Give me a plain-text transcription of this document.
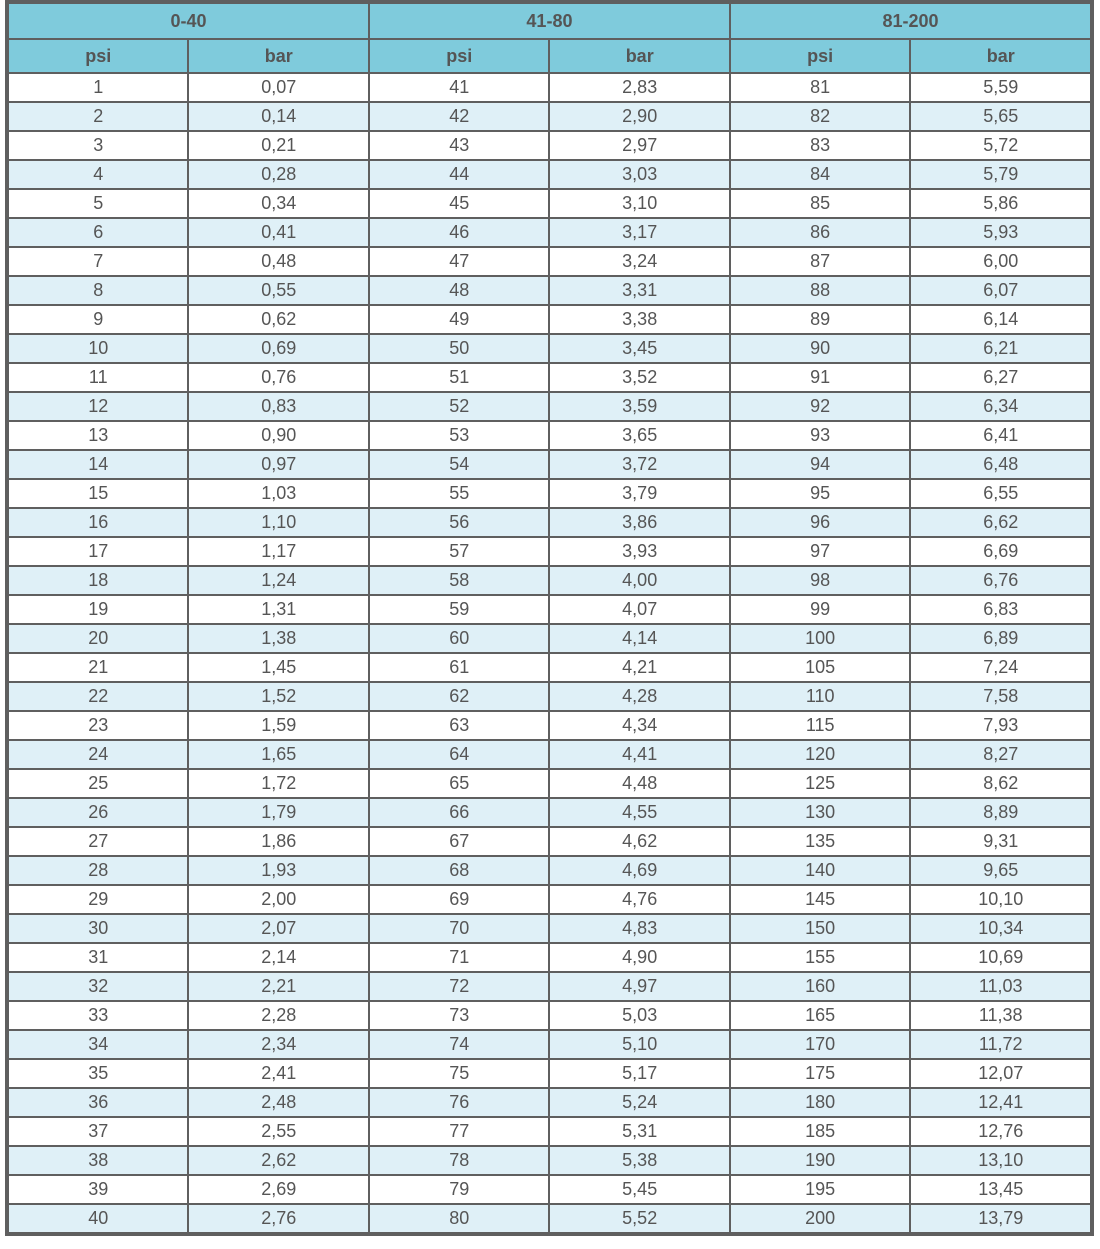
0-40		41-80		81-200	
psi	bar	psi	bar	psi	bar
1	0,07	41	2,83	81	5,59
2	0,14	42	2,90	82	5,65
3	0,21	43	2,97	83	5,72
4	0,28	44	3,03	84	5,79
5	0,34	45	3,10	85	5,86
6	0,41	46	3,17	86	5,93
7	0,48	47	3,24	87	6,00
8	0,55	48	3,31	88	6,07
9	0,62	49	3,38	89	6,14
10	0,69	50	3,45	90	6,21
11	0,76	51	3,52	91	6,27
12	0,83	52	3,59	92	6,34
13	0,90	53	3,65	93	6,41
14	0,97	54	3,72	94	6,48
15	1,03	55	3,79	95	6,55
16	1,10	56	3,86	96	6,62
17	1,17	57	3,93	97	6,69
18	1,24	58	4,00	98	6,76
19	1,31	59	4,07	99	6,83
20	1,38	60	4,14	100	6,89
21	1,45	61	4,21	105	7,24
22	1,52	62	4,28	110	7,58
23	1,59	63	4,34	115	7,93
24	1,65	64	4,41	120	8,27
25	1,72	65	4,48	125	8,62
26	1,79	66	4,55	130	8,89
27	1,86	67	4,62	135	9,31
28	1,93	68	4,69	140	9,65
29	2,00	69	4,76	145	10,10
30	2,07	70	4,83	150	10,34
31	2,14	71	4,90	155	10,69
32	2,21	72	4,97	160	11,03
33	2,28	73	5,03	165	11,38
34	2,34	74	5,10	170	11,72
35	2,41	75	5,17	175	12,07
36	2,48	76	5,24	180	12,41
37	2,55	77	5,31	185	12,76
38	2,62	78	5,38	190	13,10
39	2,69	79	5,45	195	13,45
40	2,76	80	5,52	200	13,79
